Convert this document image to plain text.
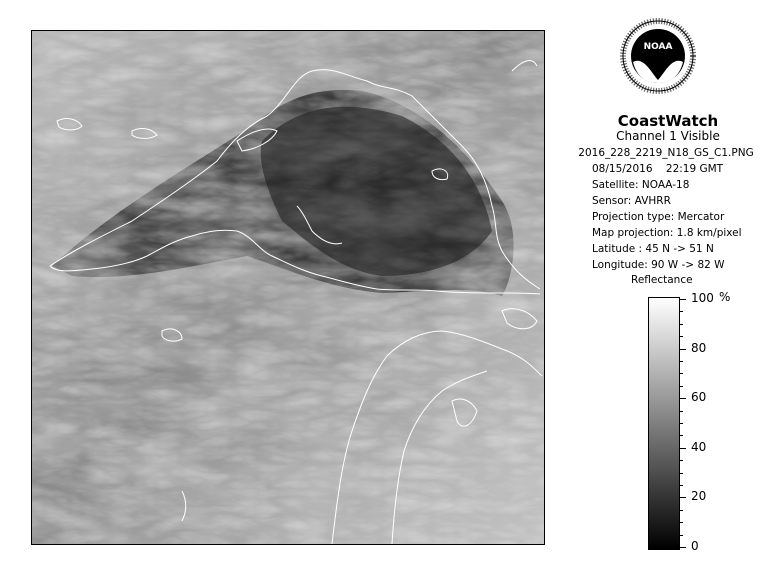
NOAA
CoastWatch
Channel 1 Visible
2016_228_2219_N18_GS_C1.PNG
08/15/2016 22:19 GMT
Satellite: NOAA-18
Sensor: AVHRR
Projection type: Mercator
Map projection: 1.8 km/pixel
Latitude : 45 N -> 51 N
Longitude: 90 W -> 82 W
Reflectance
100
80
60
40
20
0
%
